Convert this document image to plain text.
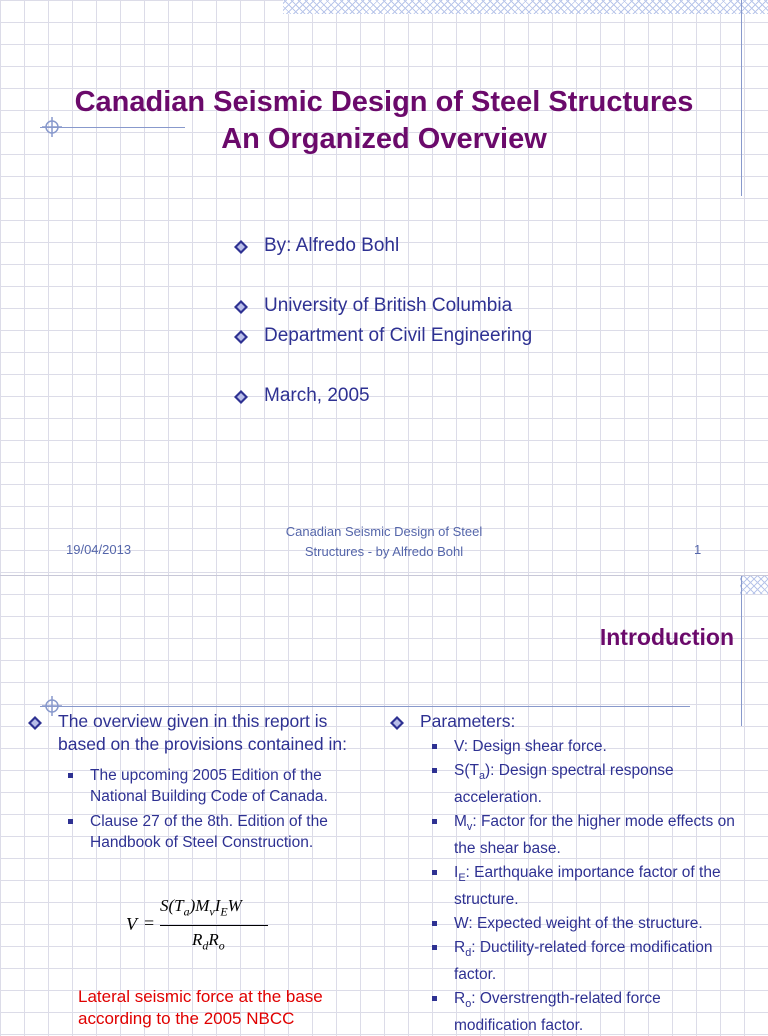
Canadian Seismic Design of Steel Structures
An Organized Overview
By: Alfredo Bohl
University of British Columbia
Department of Civil Engineering
March, 2005
19/04/2013
Canadian Seismic Design of Steel
Structures - by Alfredo Bohl	1
Introduction
The overview given in this report is based on the provisions contained in:
The upcoming 2005 Edition of the National Building Code of Canada.
Clause 27 of the 8th. Edition of the Handbook of Steel Construction.
V =
$S(T_a)M_vI_EW$
$R_dR_o$
Lateral seismic force at the base
according to the 2005 NBCC
Parameters:
V: Design shear force.
$S(T_a)$: Design spectral response acceleration.
$M_v$: Factor for the higher mode effects on the shear base.
$I_E$: Earthquake importance factor of the structure.
W: Expected weight of the structure.
$R_d$: Ductility-related force modification factor.
$R_o$: Overstrength-related force modification factor.
